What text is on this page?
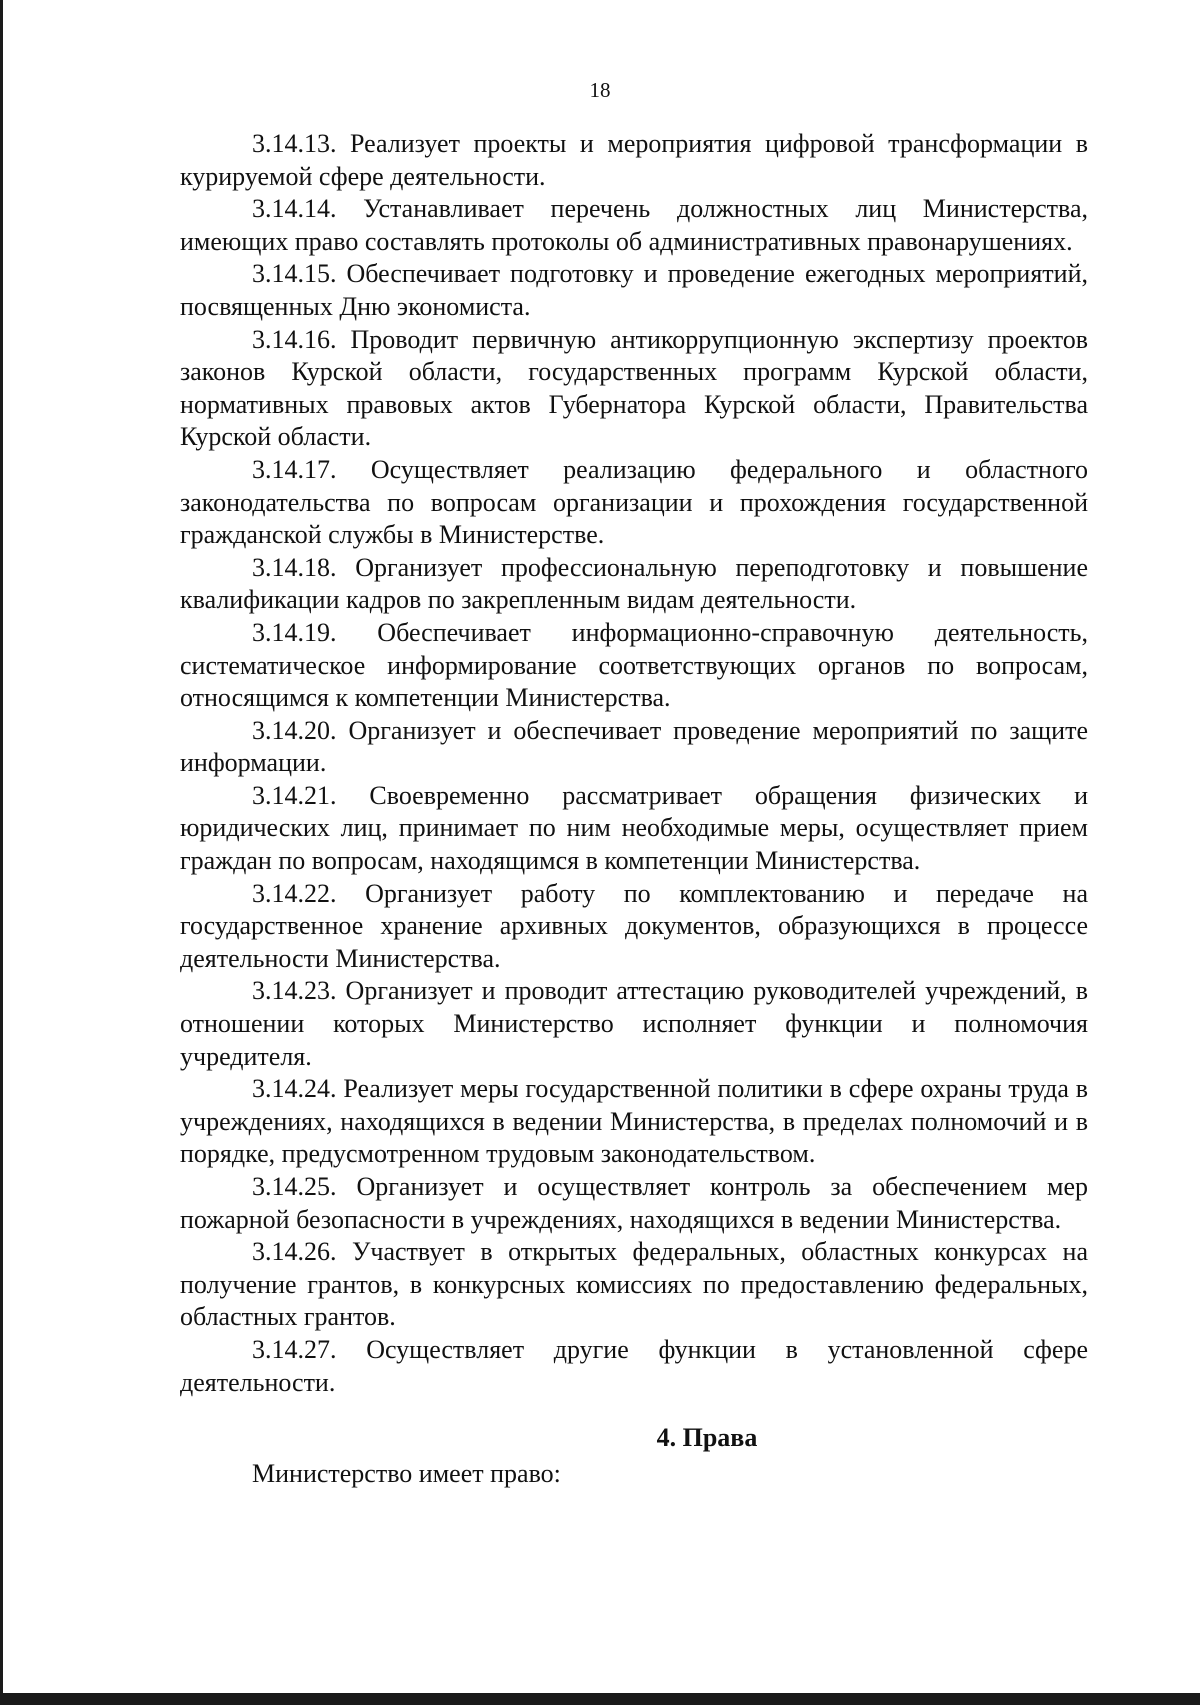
18

3.14.13. Реализует проекты и мероприятия цифровой трансформации в курируемой сфере деятельности.

3.14.14. Устанавливает перечень должностных лиц Министерства, имеющих право составлять протоколы об административных правонарушениях.

3.14.15. Обеспечивает подготовку и проведение ежегодных мероприятий, посвященных Дню экономиста.

3.14.16. Проводит первичную антикоррупционную экспертизу проектов законов Курской области, государственных программ Курской области, нормативных правовых актов Губернатора Курской области, Правительства Курской области.

3.14.17. Осуществляет реализацию федерального и областного законодательства по вопросам организации и прохождения государственной гражданской службы в Министерстве.

3.14.18. Организует профессиональную переподготовку и повышение квалификации кадров по закрепленным видам деятельности.

3.14.19. Обеспечивает информационно-справочную деятельность, систематическое информирование соответствующих органов по вопросам, относящимся к компетенции Министерства.

3.14.20. Организует и обеспечивает проведение мероприятий по защите информации.

3.14.21. Своевременно рассматривает обращения физических и юридических лиц, принимает по ним необходимые меры, осуществляет прием граждан по вопросам, находящимся в компетенции Министерства.

3.14.22. Организует работу по комплектованию и передаче на государственное хранение архивных документов, образующихся в процессе деятельности Министерства.

3.14.23. Организует и проводит аттестацию руководителей учреждений, в отношении которых Министерство исполняет функции и полномочия учредителя.

3.14.24. Реализует меры государственной политики в сфере охраны труда в учреждениях, находящихся в ведении Министерства, в пределах полномочий и в порядке, предусмотренном трудовым законодательством.

3.14.25. Организует и осуществляет контроль за обеспечением мер пожарной безопасности в учреждениях, находящихся в ведении Министерства.

3.14.26. Участвует в открытых федеральных, областных конкурсах на получение грантов, в конкурсных комиссиях по предоставлению федеральных, областных грантов.

3.14.27. Осуществляет другие функции в установленной сфере деятельности.

4. Права

Министерство имеет право:
